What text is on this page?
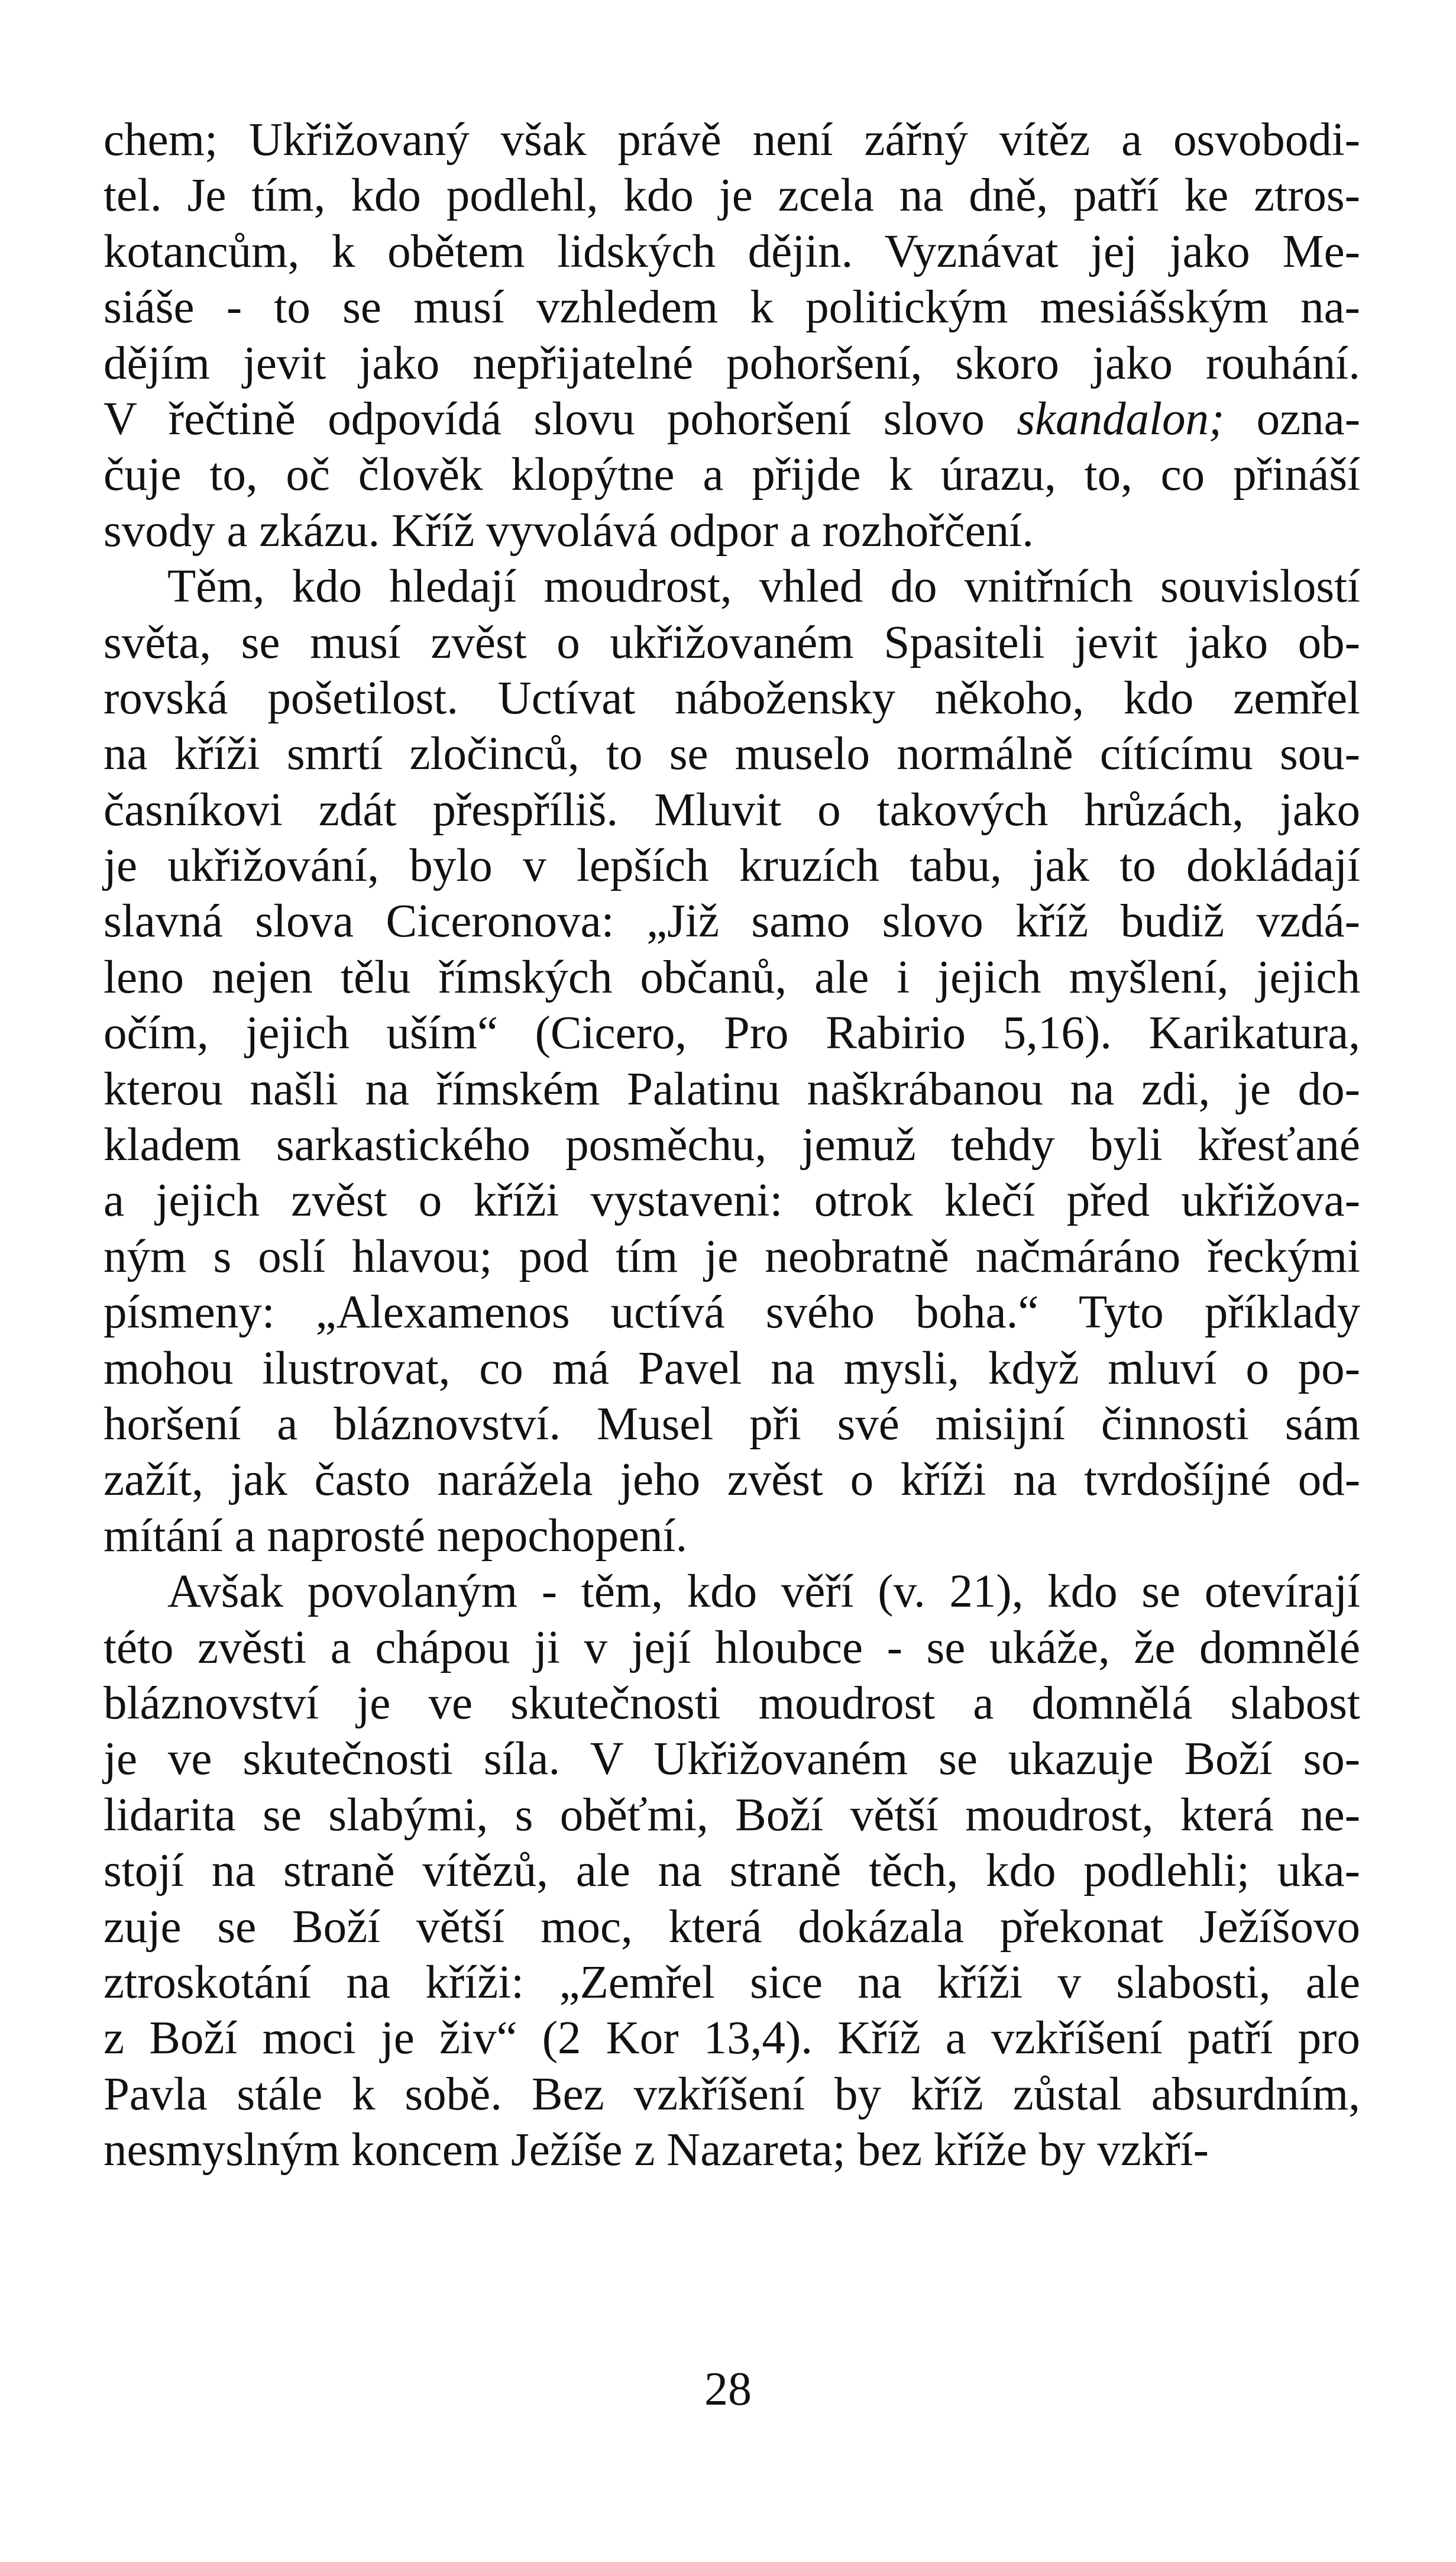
chem; Ukřižovaný však právě není zářný vítěz a osvobodi-
tel. Je tím, kdo podlehl, kdo je zcela na dně, patří ke ztros-
kotancům, k obětem lidských dějin. Vyznávat jej jako Me-
siáše - to se musí vzhledem k politickým mesiášským na-
dějím jevit jako nepřijatelné pohoršení, skoro jako rouhání.
V řečtině odpovídá slovu pohoršení slovo skandalon; ozna-
čuje to, oč člověk klopýtne a přijde k úrazu, to, co přináší
svody a zkázu. Kříž vyvolává odpor a rozhořčení.
Těm, kdo hledají moudrost, vhled do vnitřních souvislostí
světa, se musí zvěst o ukřižovaném Spasiteli jevit jako ob-
rovská pošetilost. Uctívat nábožensky někoho, kdo zemřel
na kříži smrtí zločinců, to se muselo normálně cítícímu sou-
časníkovi zdát přespříliš. Mluvit o takových hrůzách, jako
je ukřižování, bylo v lepších kruzích tabu, jak to dokládají
slavná slova Ciceronova: „Již samo slovo kříž budiž vzdá-
leno nejen tělu římských občanů, ale i jejich myšlení, jejich
očím, jejich uším“ (Cicero, Pro Rabirio 5,16). Karikatura,
kterou našli na římském Palatinu naškrábanou na zdi, je do-
kladem sarkastického posměchu, jemuž tehdy byli křesťané
a jejich zvěst o kříži vystaveni: otrok klečí před ukřižova-
ným s oslí hlavou; pod tím je neobratně načmáráno řeckými
písmeny: „Alexamenos uctívá svého boha.“ Tyto příklady
mohou ilustrovat, co má Pavel na mysli, když mluví o po-
horšení a bláznovství. Musel při své misijní činnosti sám
zažít, jak často narážela jeho zvěst o kříži na tvrdošíjné od-
mítání a naprosté nepochopení.
Avšak povolaným - těm, kdo věří (v. 21), kdo se otevírají
této zvěsti a chápou ji v její hloubce - se ukáže, že domnělé
bláznovství je ve skutečnosti moudrost a domnělá slabost
je ve skutečnosti síla. V Ukřižovaném se ukazuje Boží so-
lidarita se slabými, s oběťmi, Boží větší moudrost, která ne-
stojí na straně vítězů, ale na straně těch, kdo podlehli; uka-
zuje se Boží větší moc, která dokázala překonat Ježíšovo
ztroskotání na kříži: „Zemřel sice na kříži v slabosti, ale
z Boží moci je živ“ (2 Kor 13,4). Kříž a vzkříšení patří pro
Pavla stále k sobě. Bez vzkříšení by kříž zůstal absurdním,
nesmyslným koncem Ježíše z Nazareta; bez kříže by vzkří-
28
